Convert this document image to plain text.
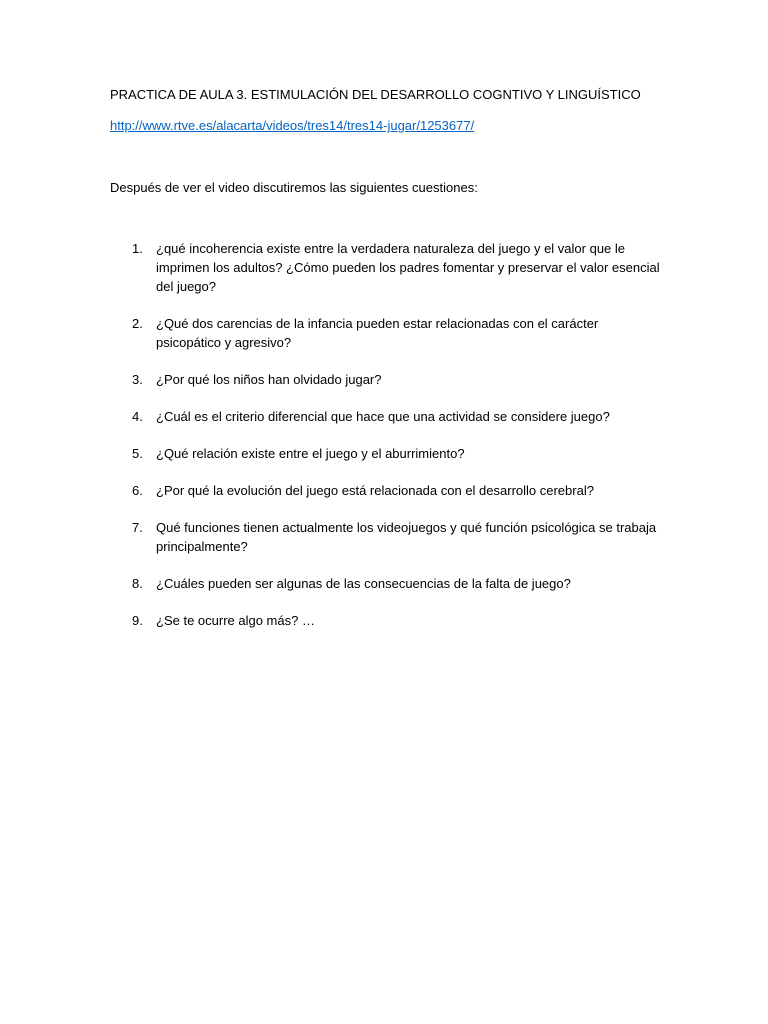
PRACTICA DE AULA 3. ESTIMULACIÓN DEL DESARROLLO COGNTIVO Y LINGUÍSTICO
http://www.rtve.es/alacarta/videos/tres14/tres14-jugar/1253677/

Después de ver el video discutiremos las siguientes cuestiones:

1. ¿qué incoherencia existe entre la verdadera naturaleza del juego y el valor que le imprimen los adultos? ¿Cómo pueden los padres fomentar y preservar el valor esencial del juego?
2. ¿Qué dos carencias de la infancia pueden estar relacionadas con el carácter psicopático y agresivo?
3. ¿Por qué los niños han olvidado jugar?
4. ¿Cuál es el criterio diferencial que hace que una actividad se considere juego?
5. ¿Qué relación existe entre el juego y el aburrimiento?
6. ¿Por qué la evolución del juego está relacionada con el desarrollo cerebral?
7. Qué funciones tienen actualmente los videojuegos y qué función psicológica se trabaja principalmente?
8. ¿Cuáles pueden ser algunas de las consecuencias de la falta de juego?
9. ¿Se te ocurre algo más? …
